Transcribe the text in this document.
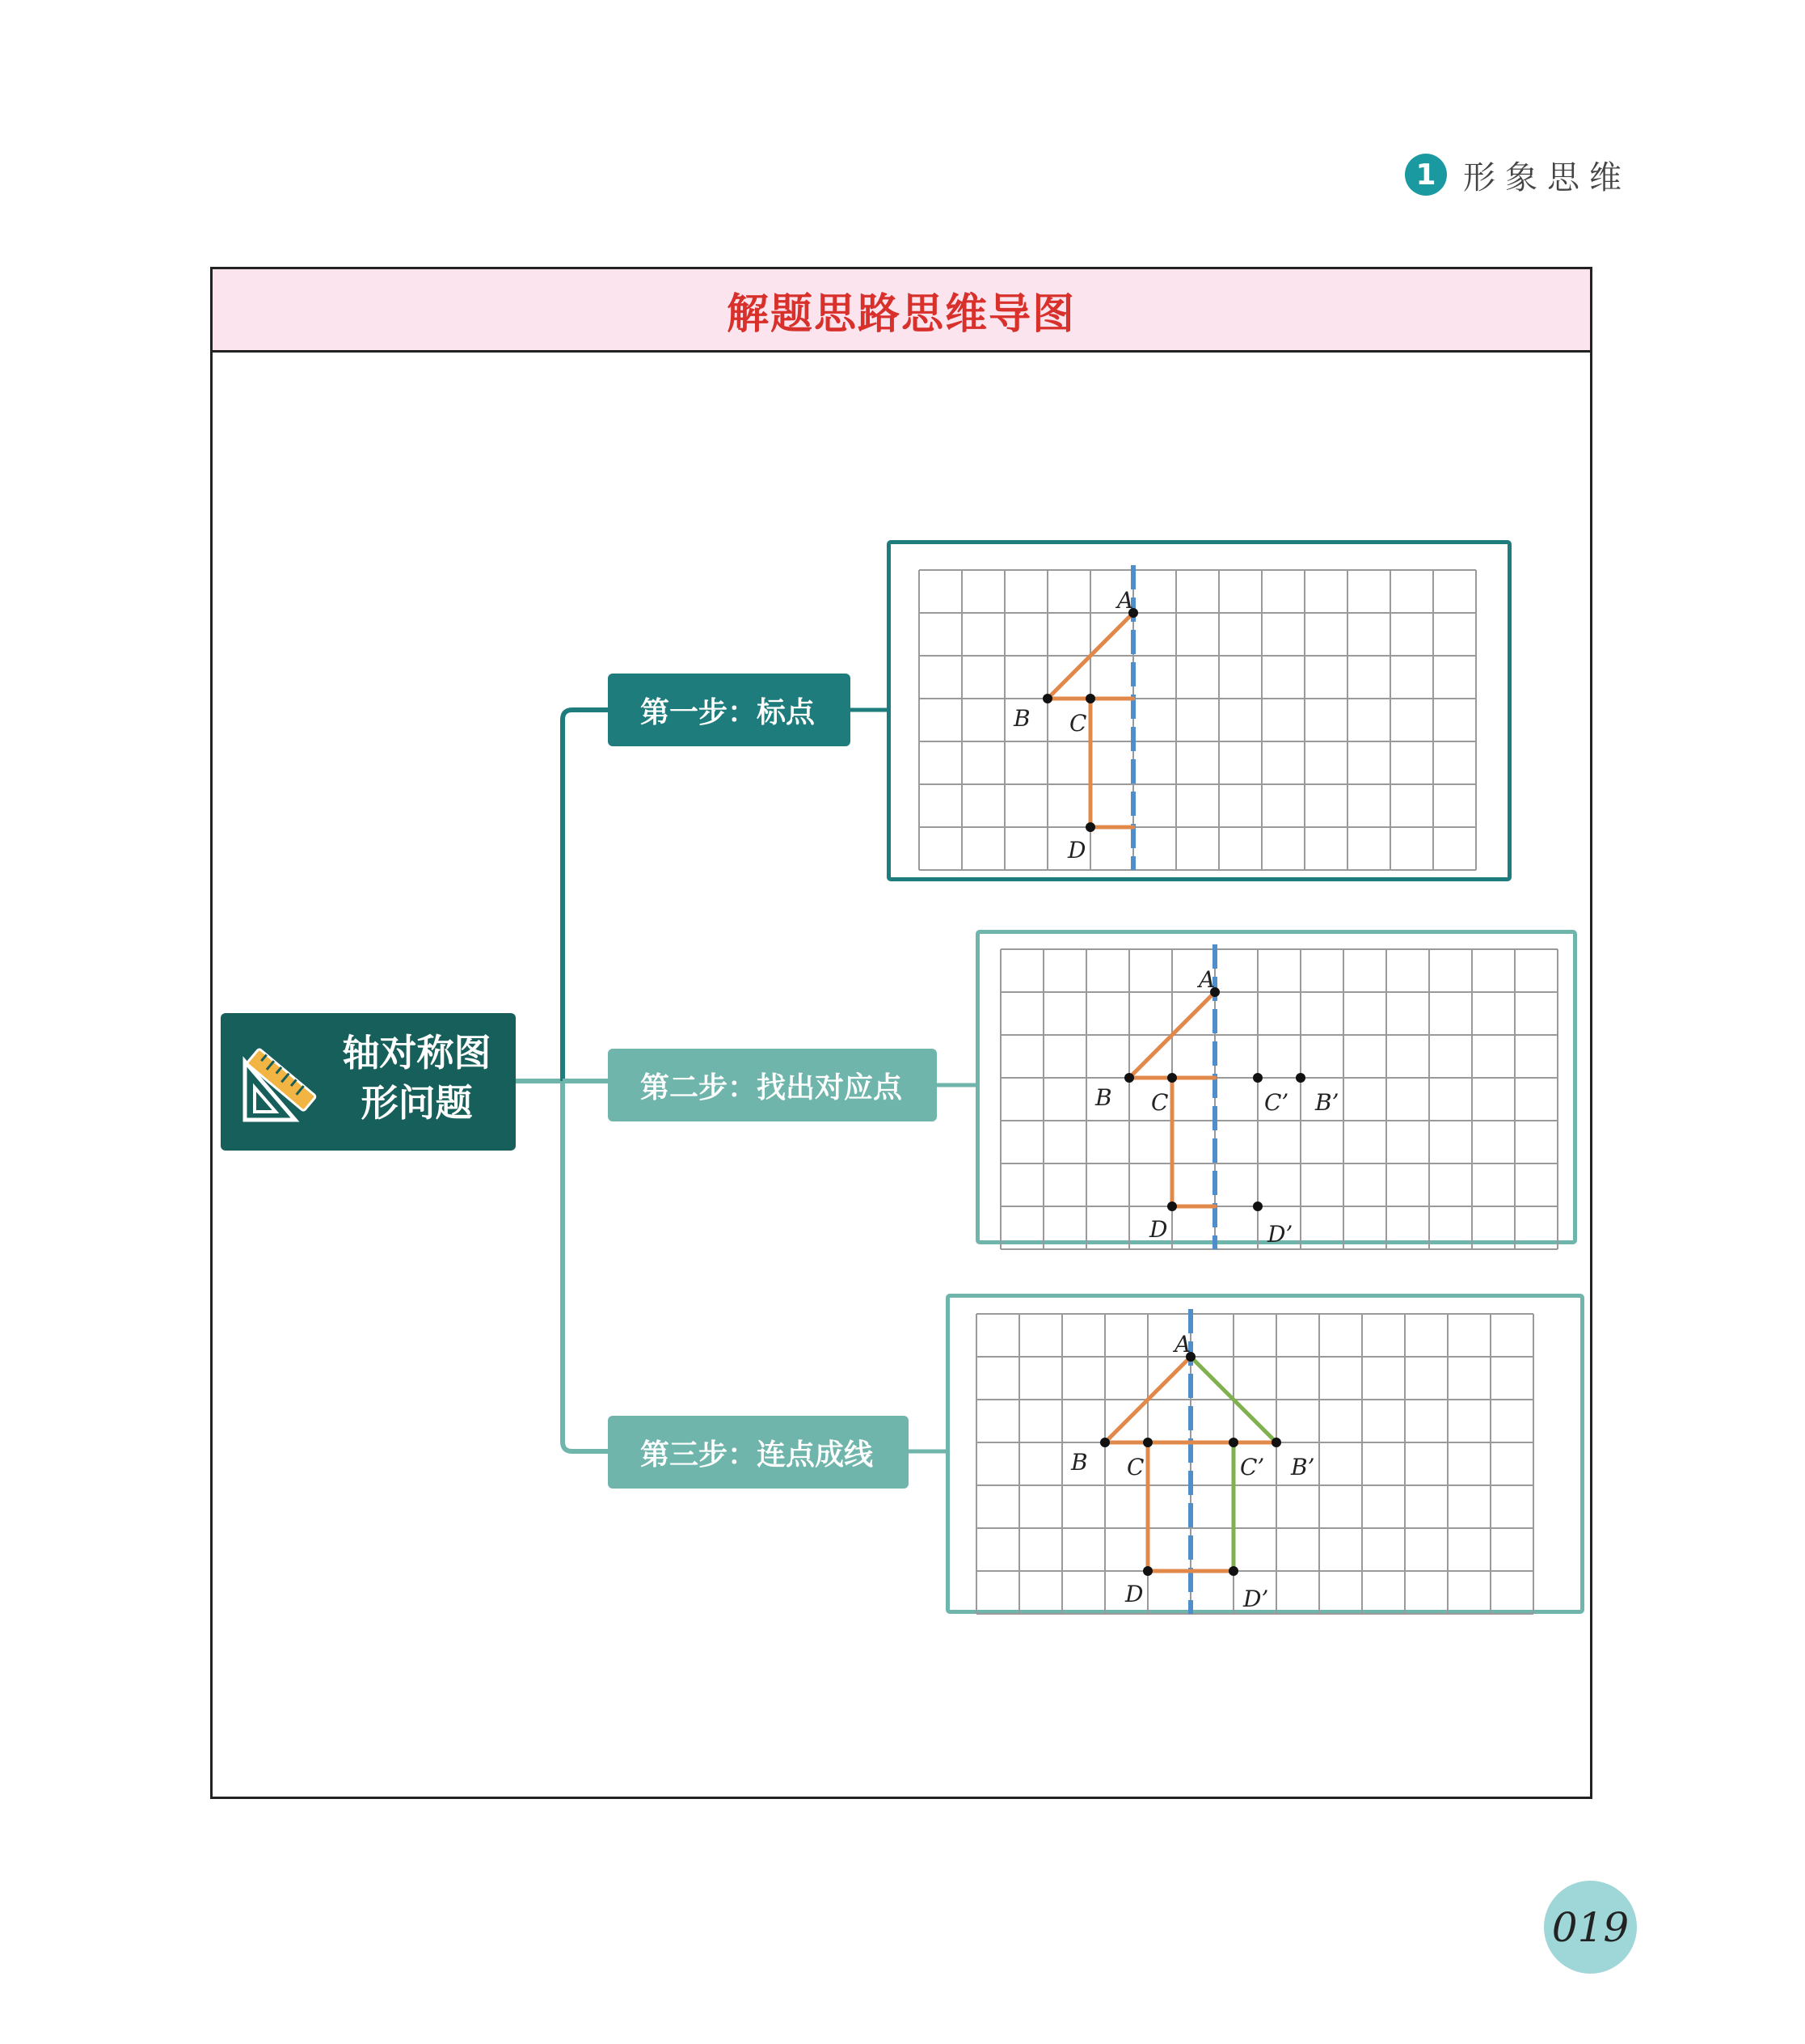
1 形象思维
解题思路思维导图
轴对称图
形问题
第一步：标点
第二步：找出对应点
第三步：连点成线
A
B C
D
A
B C
D
C’ B’
D’
A
B C
D
C’ B’
D’
019
